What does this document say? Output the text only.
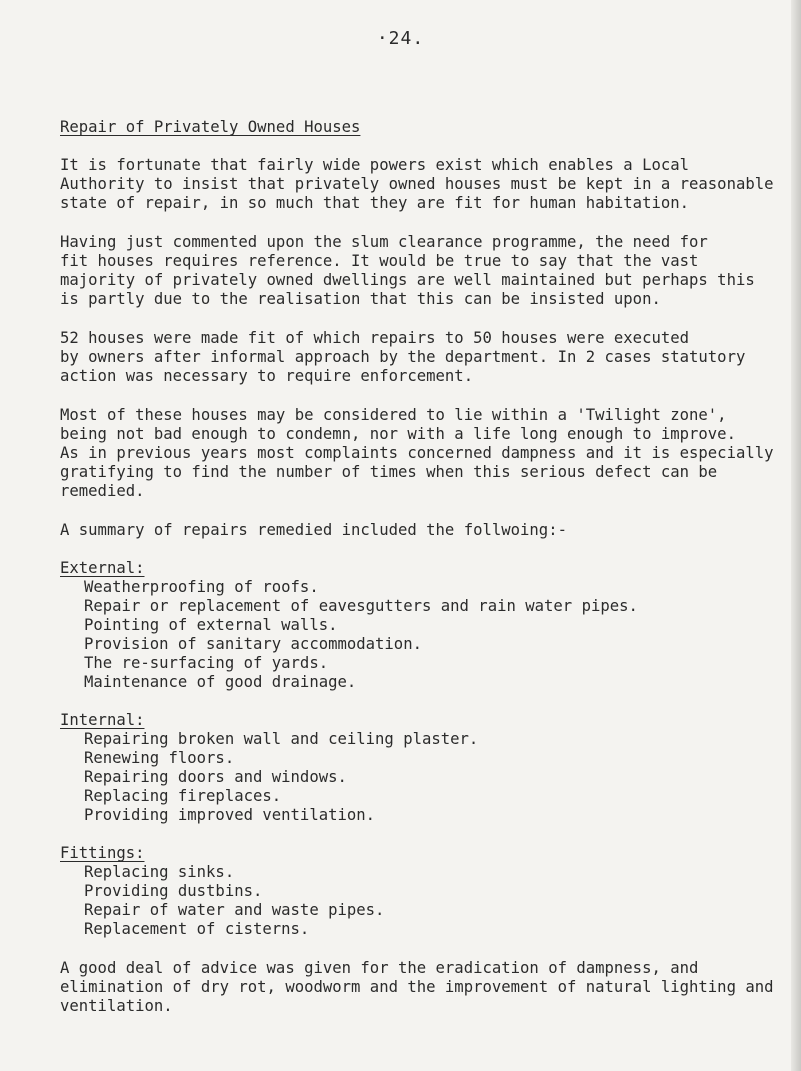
·24.
Repair of Privately Owned Houses

It is fortunate that fairly wide powers exist which enables a Local
Authority to insist that privately owned houses must be kept in a reasonable
state of repair, in so much that they are fit for human habitation.

Having just commented upon the slum clearance programme, the need for
fit houses requires reference. It would be true to say that the vast
majority of privately owned dwellings are well maintained but perhaps this
is partly due to the realisation that this can be insisted upon.

52 houses were made fit of which repairs to 50 houses were executed
by owners after informal approach by the department. In 2 cases statutory
action was necessary to require enforcement.

Most of these houses may be considered to lie within a 'Twilight zone',
being not bad enough to condemn, nor with a life long enough to improve.
As in previous years most complaints concerned dampness and it is especially
gratifying to find the number of times when this serious defect can be
remedied.

A summary of repairs remedied included the follwoing:-

External:
Weatherproofing of roofs.
Repair or replacement of eavesgutters and rain water pipes.
Pointing of external walls.
Provision of sanitary accommodation.
The re-surfacing of yards.
Maintenance of good drainage.
Internal:
Repairing broken wall and ceiling plaster.
Renewing floors.
Repairing doors and windows.
Replacing fireplaces.
Providing improved ventilation.
Fittings:
Replacing sinks.
Providing dustbins.
Repair of water and waste pipes.
Replacement of cisterns.

A good deal of advice was given for the eradication of dampness, and
elimination of dry rot, woodworm and the improvement of natural lighting and
ventilation.
